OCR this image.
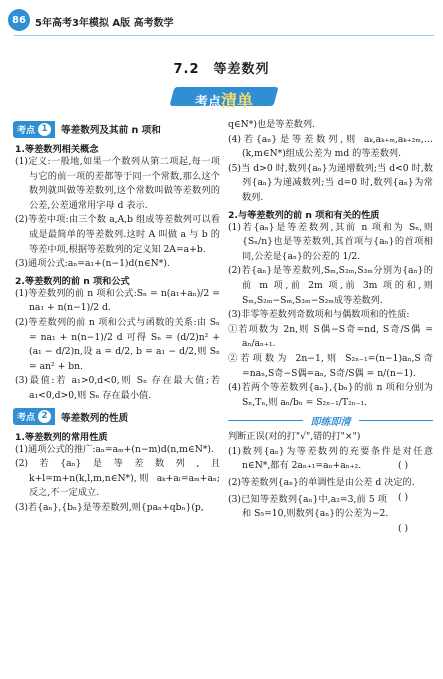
86 5年高考3年模拟 A版 高考数学
7.2 等差数列
考点清单
考点 1	等差数列及其前 n 项和
1.等差数列相关概念
(1)定义:一般地,如果一个数列从第二项起,每一项与它的前一项的差都等于同一个常数,那么这个数列就叫做等差数列,这个常数叫做等差数列的公差,公差通常用字母 d 表示.
(2)等差中项:由三个数 a,A,b 组成等差数列可以看成是最简单的等差数列.这时 A 叫做 a 与 b 的等差中项,根据等差数列的定义知 2A=a+b.
(3)通项公式:aₙ=a₁+(n−1)d(n∈N*).
2.等差数列的前 n 项和公式
(1)等差数列的前 n 项和公式:Sₙ = n(a₁+aₙ)/2 = na₁ + n(n−1)/2 d.
(2)等差数列的前 n 项和公式与函数的关系:由 Sₙ = na₁ + n(n−1)/2 d 可得 Sₙ = (d/2)n² + (a₁ − d/2)n,设 a = d/2, b = a₁ − d/2,则 Sₙ = an² + bn.
(3)最值:若 a₁>0,d<0,则 Sₙ 存在最大值;若 a₁<0,d>0,则 Sₙ 存在最小值.
考点 2	等差数列的性质
1.等差数列的常用性质
(1)通项公式的推广:aₙ=aₘ+(n−m)d(n,m∈N*).
(2)若{aₙ}是等差数列,且 k+l=m+n(k,l,m,n∈N*),则 aₖ+aₗ=aₘ+aₙ;反之,不一定成立.
(3)若{aₙ},{bₙ}是等差数列,则{paₙ+qbₙ}(p,
q∈N*)也是等差数列.
(4)若{aₙ}是等差数列,则 aₖ,aₖ₊ₘ,aₖ₊₂ₘ,…(k,m∈N*)组成公差为 md 的等差数列.
(5)当 d>0 时,数列{aₙ}为递增数列;当 d<0 时,数列{aₙ}为递减数列;当 d=0 时,数列{aₙ}为常数列.
2.与等差数列的前 n 项和有关的性质
(1)若{aₙ}是等差数列,其前 n 项和为 Sₙ,则{Sₙ/n}也是等差数列,其首项与{aₙ}的首项相同,公差是{aₙ}的公差的 1/2.
(2)若{aₙ}是等差数列,Sₘ,S₂ₘ,S₃ₘ分别为{aₙ}的前 m 项,前 2m 项,前 3m 项的和,则 Sₘ,S₂ₘ−Sₘ,S₃ₘ−S₂ₘ成等差数列.
(3)非零等差数列奇数项和与偶数项和的性质:
①若项数为 2n,则 S偶−S奇=nd, S奇/S偶 = aₙ/aₙ₊₁.
②若项数为 2n−1,则 S₂ₙ₋₁=(n−1)aₙ,S奇=naₙ,S奇−S偶=aₙ, S奇/S偶 = n/(n−1).
(4)若两个等差数列{aₙ},{bₙ}的前 n 项和分别为 Sₙ,Tₙ,则 aₙ/bₙ = S₂ₙ₋₁/T₂ₙ₋₁.
即练即清
判断正误(对的打"√",错的打"×")
(1)数列{aₙ}为等差数列的充要条件是对任意 n∈N*,都有 2aₙ₊₁=aₙ+aₙ₊₂.	( )
(2)等差数列{aₙ}的单调性是由公差 d 决定的.
( )
(3)已知等差数列{aₙ}中,a₂=3,前 5 项和 S₅=10,则数列{aₙ}的公差为−2.
( )
